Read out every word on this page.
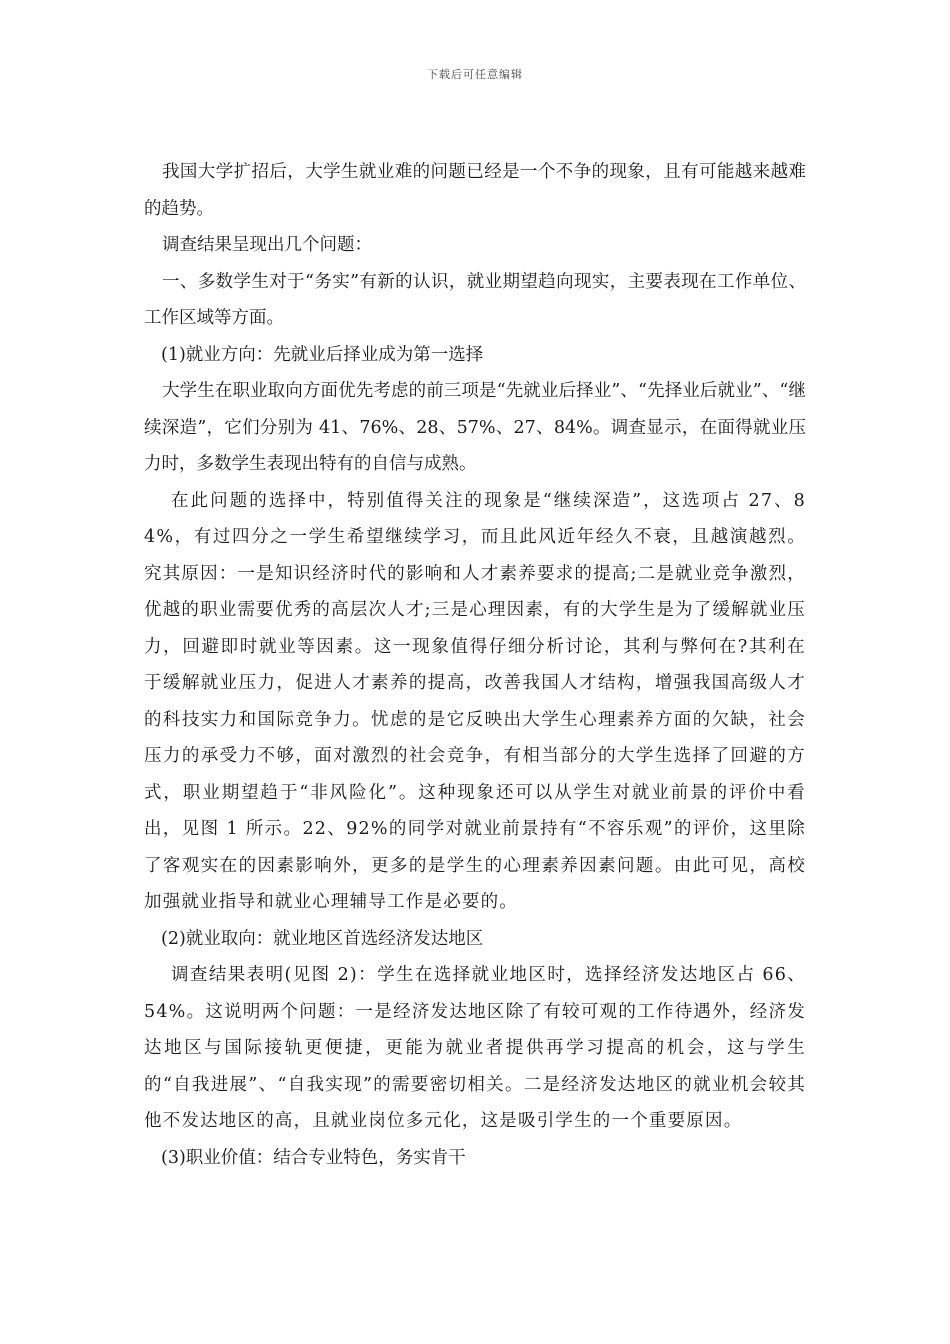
下载后可任意编辑

我国大学扩招后，大学生就业难的问题已经是一个不争的现象，且有可能越来越难的趋势。

调查结果呈现出几个问题：

一、多数学生对于“务实”有新的认识，就业期望趋向现实，主要表现在工作单位、工作区域等方面。

(1)就业方向：先就业后择业成为第一选择

大学生在职业取向方面优先考虑的前三项是“先就业后择业”、“先择业后就业”、“继续深造”，它们分别为 41、76%、28、57%、27、84%。调查显示，在面得就业压力时，多数学生表现出特有的自信与成熟。

在此问题的选择中，特别值得关注的现象是“继续深造”，这选项占 27、84%，有过四分之一学生希望继续学习，而且此风近年经久不衰，且越演越烈。究其原因：一是知识经济时代的影响和人才素养要求的提高;二是就业竞争激烈，优越的职业需要优秀的高层次人才;三是心理因素，有的大学生是为了缓解就业压力，回避即时就业等因素。这一现象值得仔细分析讨论，其利与弊何在?其利在于缓解就业压力，促进人才素养的提高，改善我国人才结构，增强我国高级人才的科技实力和国际竞争力。忧虑的是它反映出大学生心理素养方面的欠缺，社会压力的承受力不够，面对激烈的社会竞争，有相当部分的大学生选择了回避的方式，职业期望趋于“非风险化”。这种现象还可以从学生对就业前景的评价中看出，见图 1 所示。22、92%的同学对就业前景持有“不容乐观”的评价，这里除了客观实在的因素影响外，更多的是学生的心理素养因素问题。由此可见，高校加强就业指导和就业心理辅导工作是必要的。

(2)就业取向：就业地区首选经济发达地区

调查结果表明(见图 2)：学生在选择就业地区时，选择经济发达地区占 66、54%。这说明两个问题：一是经济发达地区除了有较可观的工作待遇外，经济发达地区与国际接轨更便捷，更能为就业者提供再学习提高的机会，这与学生的“自我进展”、“自我实现”的需要密切相关。二是经济发达地区的就业机会较其他不发达地区的高，且就业岗位多元化，这是吸引学生的一个重要原因。

(3)职业价值：结合专业特色，务实肯干
